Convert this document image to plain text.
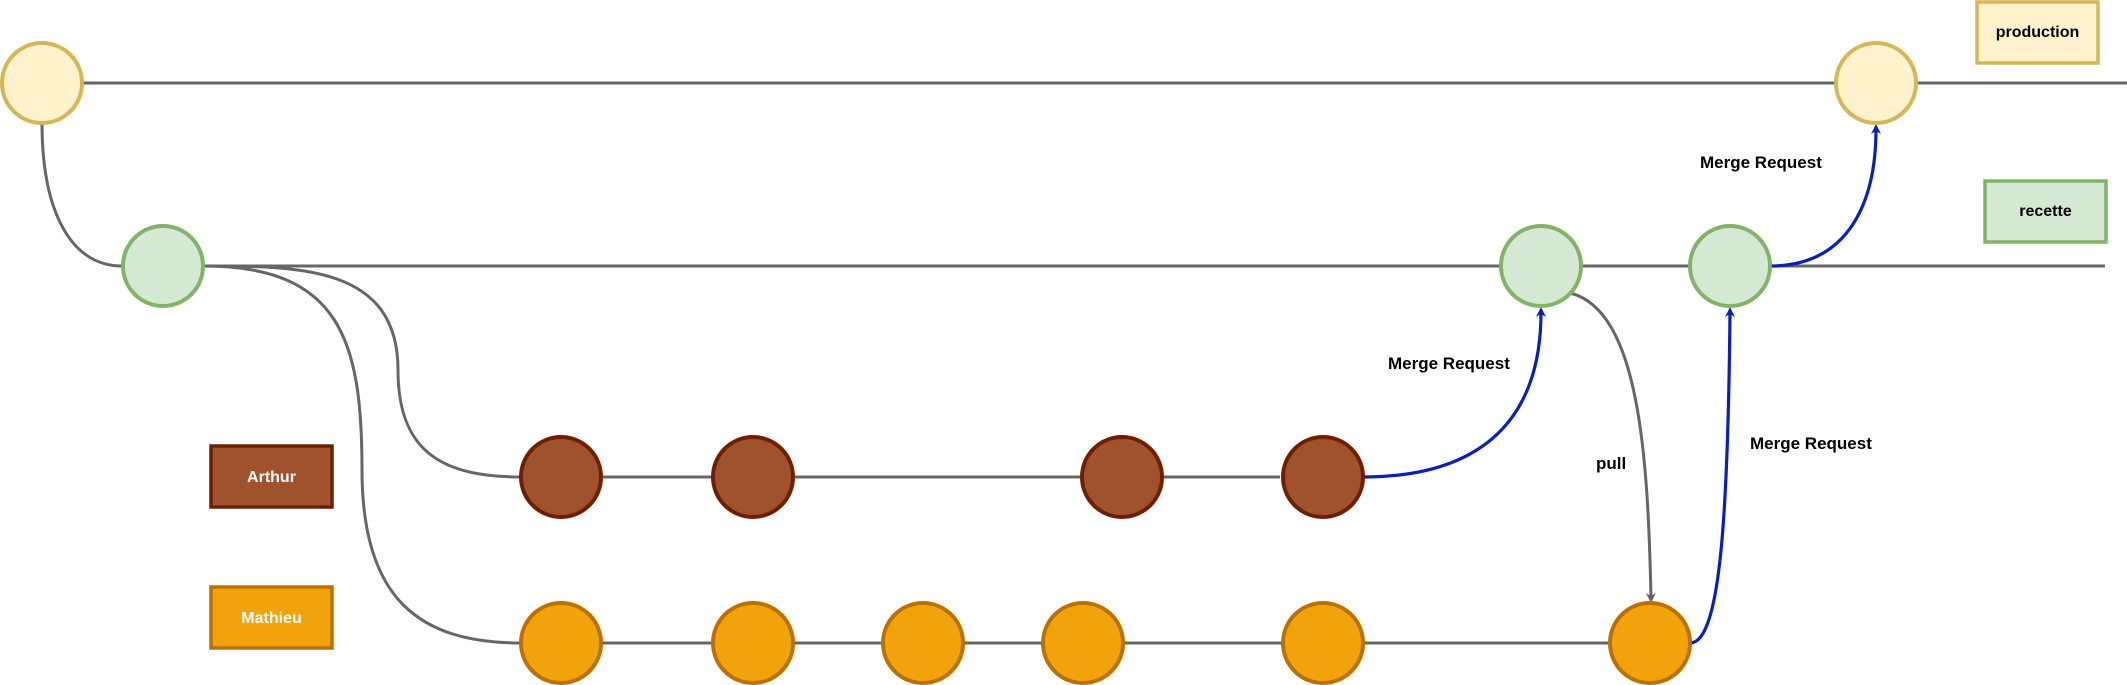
production
recette
Arthur
Mathieu
Merge Request
Merge Request
Merge Request
pull
